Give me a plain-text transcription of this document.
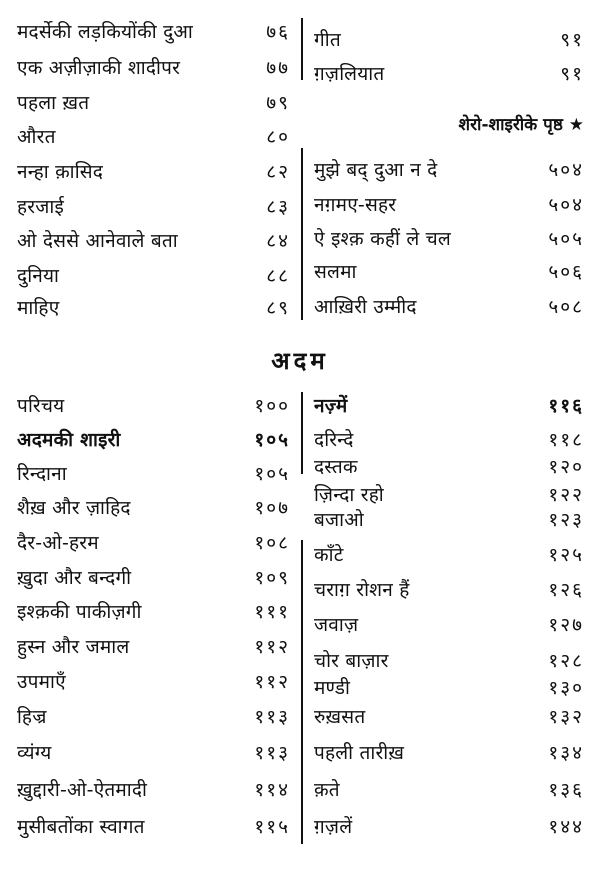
मदर्सेकी लड़कियोंकी दुआ	७६
एक अज़ीज़ाकी शादीपर	७७
पहला ख़त	७९
औरत	८०
नन्हा क़ासिद	८२
हरजाई	८३
ओ देससे आनेवाले बता	८४
दुनिया	८८
माहिए	८९
गीत	९१
ग़ज़लियात	९१
शेरो-शाइरीके पृष्ठ ★
मुझे बद् दुआ न दे	५०४
नग़मए-सहर	५०४
ऐ इश्क़ कहीं ले चल	५०५
सलमा	५०६
आख़िरी उम्मीद	५०८
अदम
परिचय	१००
अदमकी शाइरी	१०५
रिन्दाना	१०५
शैख़ और ज़ाहिद	१०७
दैर-ओ-हरम	१०८
ख़ुदा और बन्दगी	१०९
इश्क़की पाकीज़गी	१११
हुस्न और जमाल	११२
उपमाएँ	११२
हिज्र	११३
व्यंग्य	११३
ख़ुद्दारी-ओ-ऐतमादी	११४
मुसीबतोंका स्वागत	११५
नज़्में	११६
दरिन्दे	११८
दस्तक	१२०
ज़िन्दा रहो	१२२
बजाओ	१२३
काँटे	१२५
चराग़ रोशन हैं	१२६
जवाज़	१२७
चोर बाज़ार	१२८
मण्डी	१३०
रुख़सत	१३२
पहली तारीख़	१३४
क़ते	१३६
ग़ज़लें	१४४
